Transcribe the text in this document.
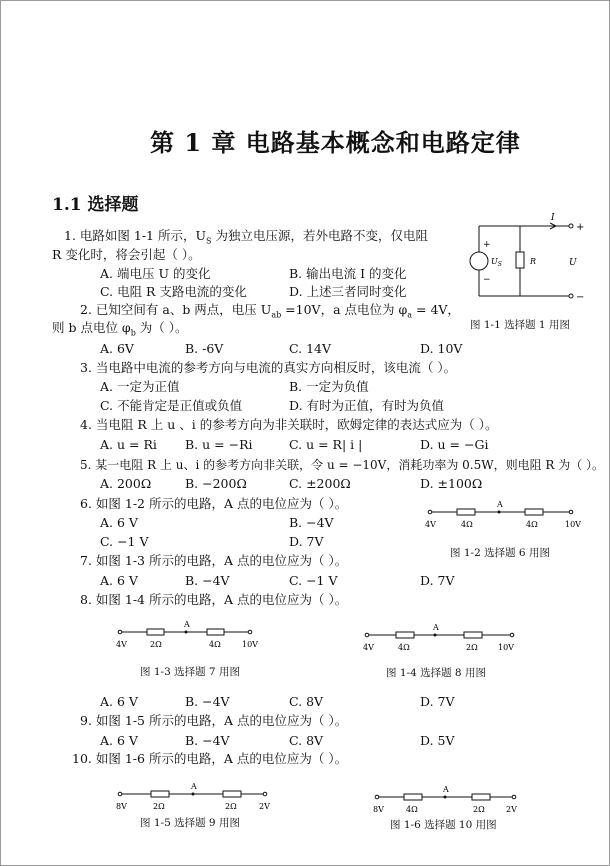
第 1 章 电路基本概念和电路定律
1.1 选择题
1. 电路如图 1-1 所示，$U_S$ 为独立电压源，若外电路不变，仅电阻
R 变化时，将会引起（ ）。
A. 端电压 U 的变化	B. 输出电流 I 的变化
C. 电阻 R 支路电流的变化	D. 上述三者同时变化
2. 已知空间有 a、b 两点，电压 $U_{ab} =10V$，a 点电位为 $\varphi_a = 4V$，
则 b 点电位 $\varphi_b$ 为（ ）。
A. 6V	B. -6V	C. 14V	D. 10V
3. 当电路中电流的参考方向与电流的真实方向相反时，该电流（ ）。
A. 一定为正值	B. 一定为负值
C. 不能肯定是正值或负值	D. 有时为正值，有时为负值
4. 当电阻 R 上 u 、i 的参考方向为非关联时，欧姆定律的表达式应为（ ）。
A. u = Ri B. u = −Ri	C. u = R| i |	D. u = −Gi
5. 某一电阻 R 上 u、i 的参考方向非关联，令 u = −10V，消耗功率为 0.5W，则电阻 R 为（ ）。
A. 200Ω	B. −200Ω	C. ±200Ω	D. ±100Ω
6. 如图 1-2 所示的电路，A 点的电位应为（ ）。
A. 6 V	B. −4V
C. −1 V	D. 7V
7. 如图 1-3 所示的电路，A 点的电位应为（ ）。
A. 6 V	B. −4V	C. −1 V	D. 7V
8. 如图 1-4 所示的电路，A 点的电位应为（ ）。
A. 6 V	B. −4V	C. 8V	D. 7V
9. 如图 1-5 所示的电路，A 点的电位应为（ ）。
A. 6 V	B. −4V	C. 8V	D. 5V
10. 如图 1-6 所示的电路，A 点的电位应为（ ）。
I
+
−
+
−
$U_S$	R	U
图 1-1 选择题 1 用图
A
4V	4Ω	4Ω	10V
图 1-2 选择题 6 用图
A
4V	2Ω	4Ω	10V
图 1-3 选择题 7 用图
A
4V	4Ω	2Ω	10V
图 1-4 选择题 8 用图
A
8V	2Ω	2Ω	2V
图 1-5 选择题 9 用图
A
8V	4Ω	2Ω	2V
图 1-6 选择题 10 用图
